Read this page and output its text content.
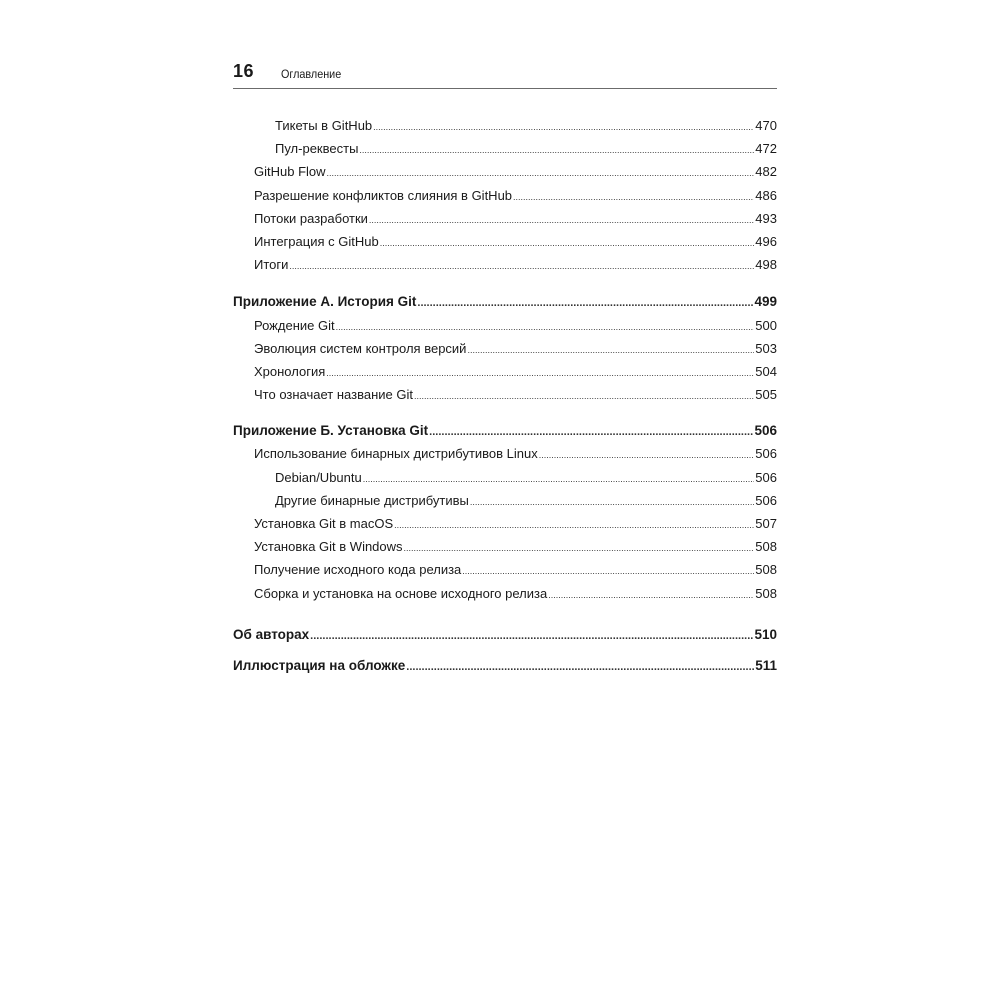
16 Оглавление
Тикеты в GitHub .....	470
Пул-реквесты .....	472
GitHub Flow .....	482
Разрешение конфликтов слияния в GitHub .....	486
Потоки разработки .....	493
Интеграция с GitHub .....	496
Итоги .....	498
Приложение А. История Git .....	499
Рождение Git .....	500
Эволюция систем контроля версий .....	503
Хронология .....	504
Что означает название Git .....	505
Приложение Б. Установка Git .....	506
Использование бинарных дистрибутивов Linux .....	506
Debian/Ubuntu .....	506
Другие бинарные дистрибутивы .....	506
Установка Git в macOS .....	507
Установка Git в Windows .....	508
Получение исходного кода релиза .....	508
Сборка и установка на основе исходного релиза .....	508
Об авторах .....	510
Иллюстрация на обложке .....	511
